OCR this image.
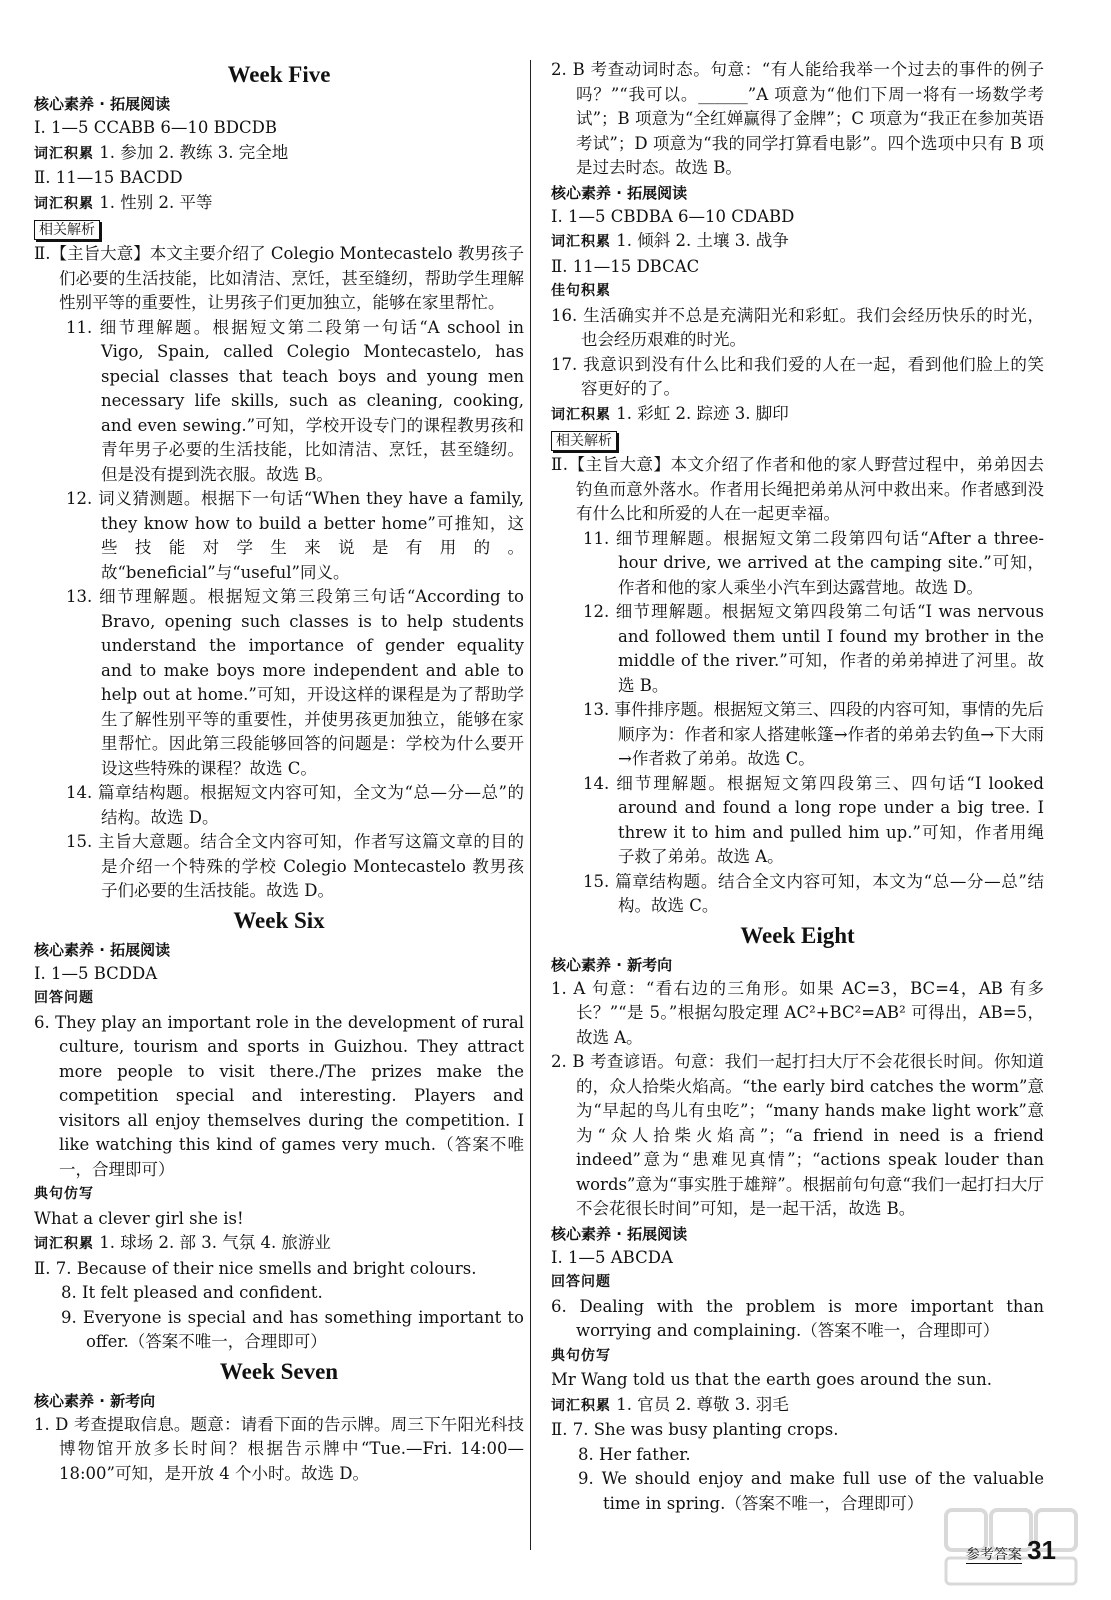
Week Five
核心素养 · 拓展阅读

Ⅰ. 1—5 CCABB 6—10 BDCDB

词汇积累 1. 参加 2. 教练 3. 完全地

Ⅱ. 11—15 BACDD

词汇积累 1. 性别 2. 平等

相关解析

Ⅱ.【主旨大意】本文主要介绍了 Colegio Montecastelo 教男孩子们必要的生活技能，比如清洁、烹饪，甚至缝纫，帮助学生理解性别平等的重要性，让男孩子们更加独立，能够在家里帮忙。

11. 细节理解题。根据短文第二段第一句话“A school in Vigo, Spain, called Colegio Montecastelo, has special classes that teach boys and young men necessary life skills, such as cleaning, cooking, and even sewing.”可知，学校开设专门的课程教男孩和青年男子必要的生活技能，比如清洁、烹饪，甚至缝纫。但是没有提到洗衣服。故选 B。

12. 词义猜测题。根据下一句话“When they have a family, they know how to build a better home”可推知，这些技能对学生来说是有用的。故“beneficial”与“useful”同义。

13. 细节理解题。根据短文第三段第三句话“According to Bravo, opening such classes is to help students understand the importance of gender equality and to make boys more independent and able to help out at home.”可知，开设这样的课程是为了帮助学生了解性别平等的重要性，并使男孩更加独立，能够在家里帮忙。因此第三段能够回答的问题是：学校为什么要开设这些特殊的课程？故选 C。

14. 篇章结构题。根据短文内容可知，全文为“总—分—总”的结构。故选 D。

15. 主旨大意题。结合全文内容可知，作者写这篇文章的目的是介绍一个特殊的学校 Colegio Montecastelo 教男孩子们必要的生活技能。故选 D。

Week Six
核心素养 · 拓展阅读

Ⅰ. 1—5 BCDDA

回答问题

6. They play an important role in the development of rural culture, tourism and sports in Guizhou. They attract more people to visit there./The prizes make the competition special and interesting. Players and visitors all enjoy themselves during the competition. I like watching this kind of games very much.（答案不唯一，合理即可）

典句仿写

What a clever girl she is!

词汇积累 1. 球场 2. 部 3. 气氛 4. 旅游业

Ⅱ. 7. Because of their nice smells and bright colours.

8. It felt pleased and confident.

9. Everyone is special and has something important to offer.（答案不唯一，合理即可）

Week Seven
核心素养 · 新考向

1. D 考查提取信息。题意：请看下面的告示牌。周三下午阳光科技博物馆开放多长时间？根据告示牌中“Tue.—Fri. 14:00—18:00”可知，是开放 4 个小时。故选 D。

2. B 考查动词时态。句意：“有人能给我举一个过去的事件的例子吗？”“我可以。______”A 项意为“他们下周一将有一场数学考试”；B 项意为“全红婵赢得了金牌”；C 项意为“我正在参加英语考试”；D 项意为“我的同学打算看电影”。四个选项中只有 B 项是过去时态。故选 B。

核心素养 · 拓展阅读

Ⅰ. 1—5 CBDBA 6—10 CDABD

词汇积累 1. 倾斜 2. 土壤 3. 战争

Ⅱ. 11—15 DBCAC

佳句积累

16. 生活确实并不总是充满阳光和彩虹。我们会经历快乐的时光，也会经历艰难的时光。

17. 我意识到没有什么比和我们爱的人在一起，看到他们脸上的笑容更好的了。

词汇积累 1. 彩虹 2. 踪迹 3. 脚印

相关解析

Ⅱ.【主旨大意】本文介绍了作者和他的家人野营过程中，弟弟因去钓鱼而意外落水。作者用长绳把弟弟从河中救出来。作者感到没有什么比和所爱的人在一起更幸福。

11. 细节理解题。根据短文第二段第四句话“After a three-hour drive, we arrived at the camping site.”可知，作者和他的家人乘坐小汽车到达露营地。故选 D。

12. 细节理解题。根据短文第四段第二句话“I was nervous and followed them until I found my brother in the middle of the river.”可知，作者的弟弟掉进了河里。故选 B。

13. 事件排序题。根据短文第三、四段的内容可知，事情的先后顺序为：作者和家人搭建帐篷→作者的弟弟去钓鱼→下大雨→作者救了弟弟。故选 C。

14. 细节理解题。根据短文第四段第三、四句话“I looked around and found a long rope under a big tree. I threw it to him and pulled him up.”可知，作者用绳子救了弟弟。故选 A。

15. 篇章结构题。结合全文内容可知，本文为“总—分—总”结构。故选 C。

Week Eight
核心素养 · 新考向

1. A 句意：“看右边的三角形。如果 AC=3，BC=4，AB 有多长？”“是 5。”根据勾股定理 AC²+BC²=AB² 可得出，AB=5，故选 A。

2. B 考查谚语。句意：我们一起打扫大厅不会花很长时间。你知道的，众人拾柴火焰高。“the early bird catches the worm”意为“早起的鸟儿有虫吃”；“many hands make light work”意为“众人拾柴火焰高”；“a friend in need is a friend indeed”意为“患难见真情”；“actions speak louder than words”意为“事实胜于雄辩”。根据前句句意“我们一起打扫大厅不会花很长时间”可知，是一起干活，故选 B。

核心素养 · 拓展阅读

Ⅰ. 1—5 ABCDA

回答问题

6. Dealing with the problem is more important than worrying and complaining.（答案不唯一，合理即可）

典句仿写

Mr Wang told us that the earth goes around the sun.

词汇积累 1. 官员 2. 尊敬 3. 羽毛

Ⅱ. 7. She was busy planting crops.

8. Her father.

9. We should enjoy and make full use of the valuable time in spring.（答案不唯一，合理即可）

参考答案 31
